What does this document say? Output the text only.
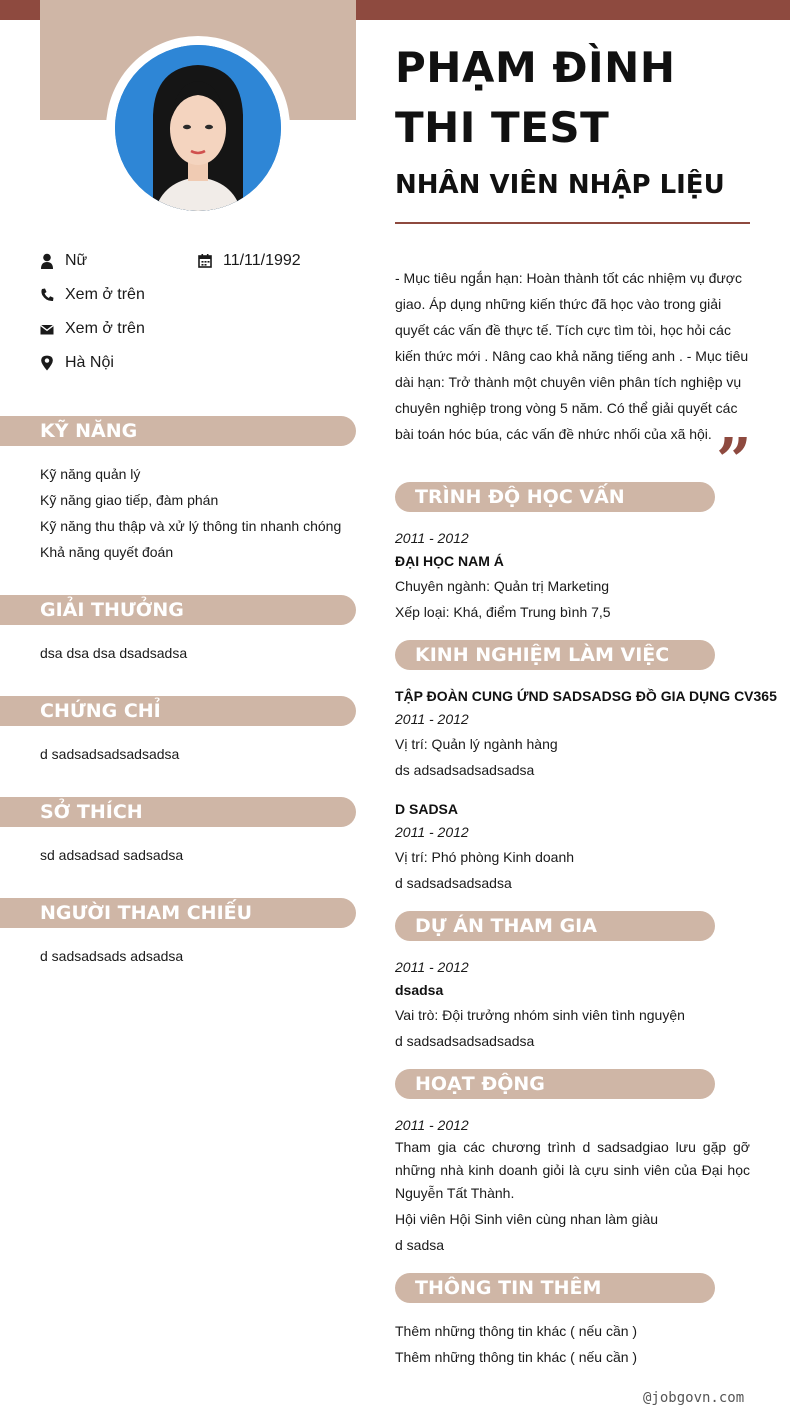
PHẠM ĐÌNH THI TEST
NHÂN VIÊN NHẬP LIỆU
Nữ	11/11/1992
Xem ở trên
Xem ở trên
Hà Nội
KỸ NĂNG
Kỹ năng quản lý
Kỹ năng giao tiếp, đàm phán
Kỹ năng thu thập và xử lý thông tin nhanh chóng
Khả năng quyết đoán
GIẢI THƯỞNG
dsa dsa dsa dsadsadsa
CHỨNG CHỈ
d sadsadsadsadsadsa
SỞ THÍCH
sd adsadsad sadsadsa
NGƯỜI THAM CHIẾU
d sadsadsads adsadsa
- Mục tiêu ngắn hạn: Hoàn thành tốt các nhiệm vụ được giao. Áp dụng những kiến thức đã học vào trong giải quyết các vấn đề thực tế. Tích cực tìm tòi, học hỏi các kiến thức mới . Nâng cao khả năng tiếng anh . - Mục tiêu dài hạn: Trở thành một chuyên viên phân tích nghiệp vụ chuyên nghiệp trong vòng 5 năm. Có thể giải quyết các bài toán hóc búa, các vấn đề nhức nhối của xã hội. ”
TRÌNH ĐỘ HỌC VẤN
2011 - 2012
ĐẠI HỌC NAM Á
Chuyên ngành: Quản trị Marketing
Xếp loại: Khá, điểm Trung bình 7,5
KINH NGHIỆM LÀM VIỆC
TẬP ĐOÀN CUNG ỨND SADSADSG ĐỒ GIA DỤNG CV365
2011 - 2012
Vị trí: Quản lý ngành hàng
ds adsadsadsadsadsa
D SADSA
2011 - 2012
Vị trí: Phó phòng Kinh doanh
d sadsadsadsadsa
DỰ ÁN THAM GIA
2011 - 2012
dsadsa
Vai trò: Đội trưởng nhóm sinh viên tình nguyện
d sadsadsadsadsadsa
HOẠT ĐỘNG
2011 - 2012
Tham gia các chương trình d sadsadgiao lưu gặp gỡ những nhà kinh doanh giỏi là cựu sinh viên của Đại học Nguyễn Tất Thành.
Hội viên Hội Sinh viên cùng nhan làm giàu
d sadsa
THÔNG TIN THÊM
Thêm những thông tin khác ( nếu cần )
Thêm những thông tin khác ( nếu cần )
@jobgovn.com
